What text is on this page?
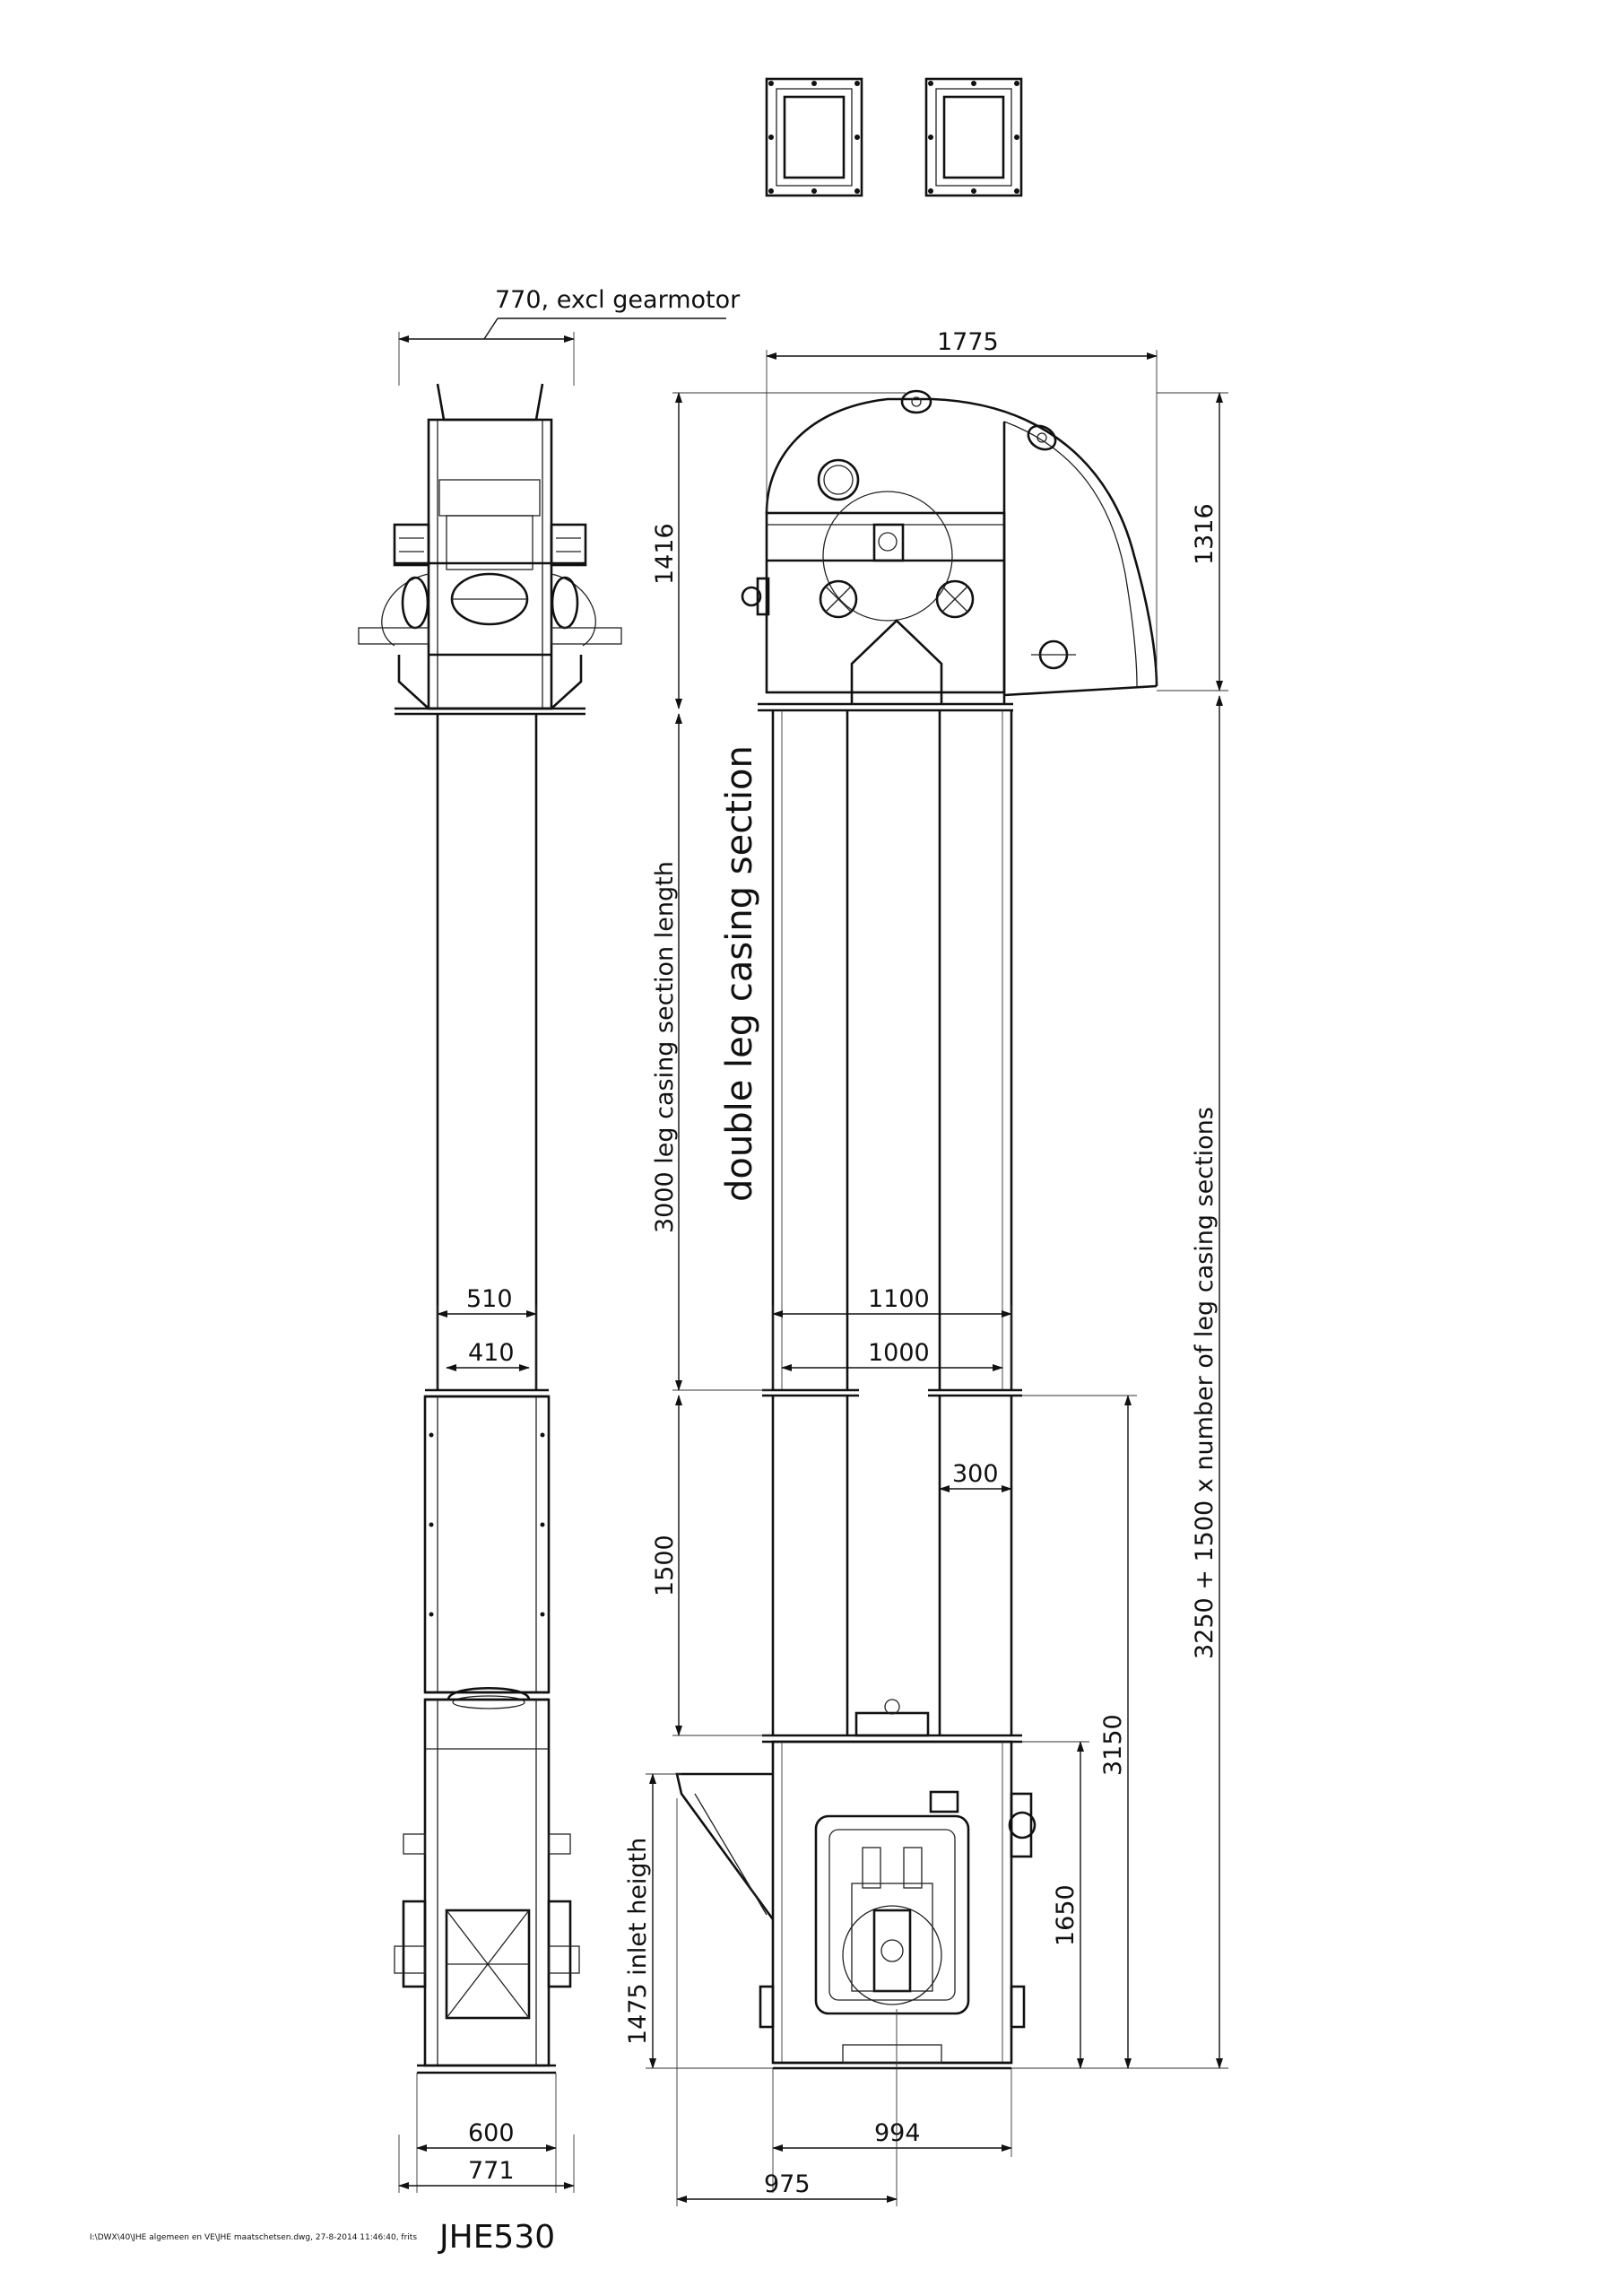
770, excl gearmotor
1775
1416	1316
3000 leg casing section length double leg casing section
3250 + 1500 x number of leg casing sections
510
410
1100
1000
300
1500
3150
1650
1475 inlet heigth
600
771
994
975
I:\DWX\40\JHE algemeen en VE\JHE maatschetsen.dwg, 27-8-2014 11:46:40, frits JHE530
